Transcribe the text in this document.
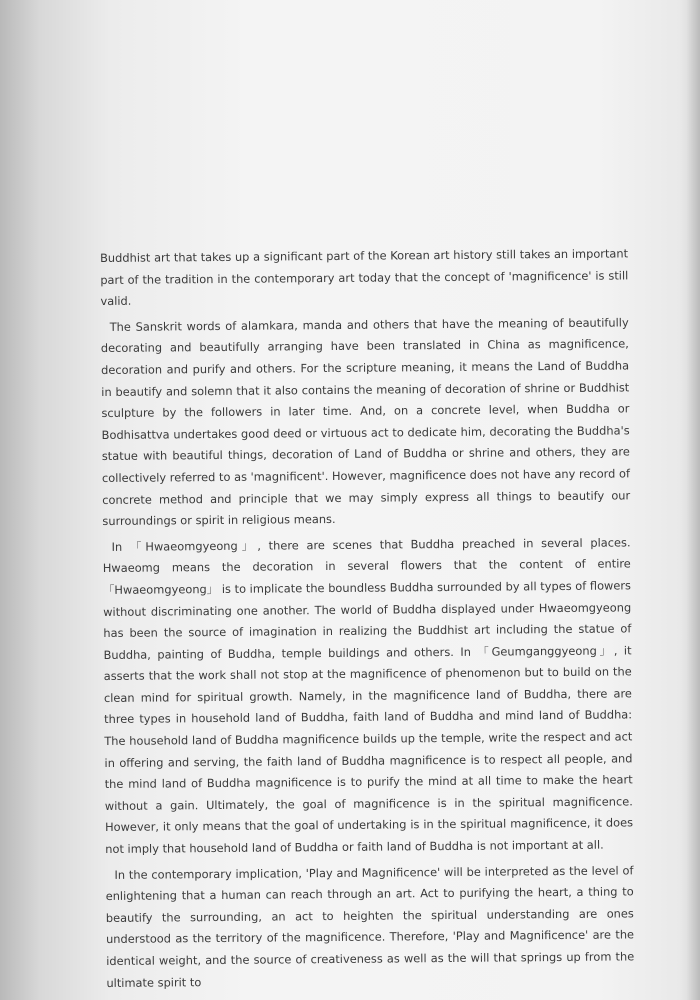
Buddhist art that takes up a significant part of the Korean art history still takes an important part of the tradition in the contemporary art today that the concept of 'magnificence' is still valid.

The Sanskrit words of alamkara, manda and others that have the meaning of beautifully decorating and beautifully arranging have been translated in China as magnificence, decoration and purify and others. For the scripture meaning, it means the Land of Buddha in beautify and solemn that it also contains the meaning of decoration of shrine or Buddhist sculpture by the followers in later time. And, on a concrete level, when Buddha or Bodhisattva undertakes good deed or virtuous act to dedicate him, decorating the Buddha's statue with beautiful things, decoration of Land of Buddha or shrine and others, they are collectively referred to as 'magnificent'. However, magnificence does not have any record of concrete method and principle that we may simply express all things to beautify our surroundings or spirit in religious means.

In 「Hwaeomgyeong」, there are scenes that Buddha preached in several places. Hwaeomg means the decoration in several flowers that the content of entire 「Hwaeomgyeong」 is to implicate the boundless Buddha surrounded by all types of flowers without discriminating one another. The world of Buddha displayed under Hwaeomgyeong has been the source of imagination in realizing the Buddhist art including the statue of Buddha, painting of Buddha, temple buildings and others. In 「Geumganggyeong」, it asserts that the work shall not stop at the magnificence of phenomenon but to build on the clean mind for spiritual growth. Namely, in the magnificence land of Buddha, there are three types in household land of Buddha, faith land of Buddha and mind land of Buddha: The household land of Buddha magnificence builds up the temple, write the respect and act in offering and serving, the faith land of Buddha magnificence is to respect all people, and the mind land of Buddha magnificence is to purify the mind at all time to make the heart without a gain. Ultimately, the goal of magnificence is in the spiritual magnificence. However, it only means that the goal of undertaking is in the spiritual magnificence, it does not imply that household land of Buddha or faith land of Buddha is not important at all.

In the contemporary implication, 'Play and Magnificence' will be interpreted as the level of enlightening that a human can reach through an art. Act to purifying the heart, a thing to beautify the surrounding, an act to heighten the spiritual understanding are ones understood as the territory of the magnificence. Therefore, 'Play and Magnificence' are the identical weight, and the source of creativeness as well as the will that springs up from the ultimate spirit to
